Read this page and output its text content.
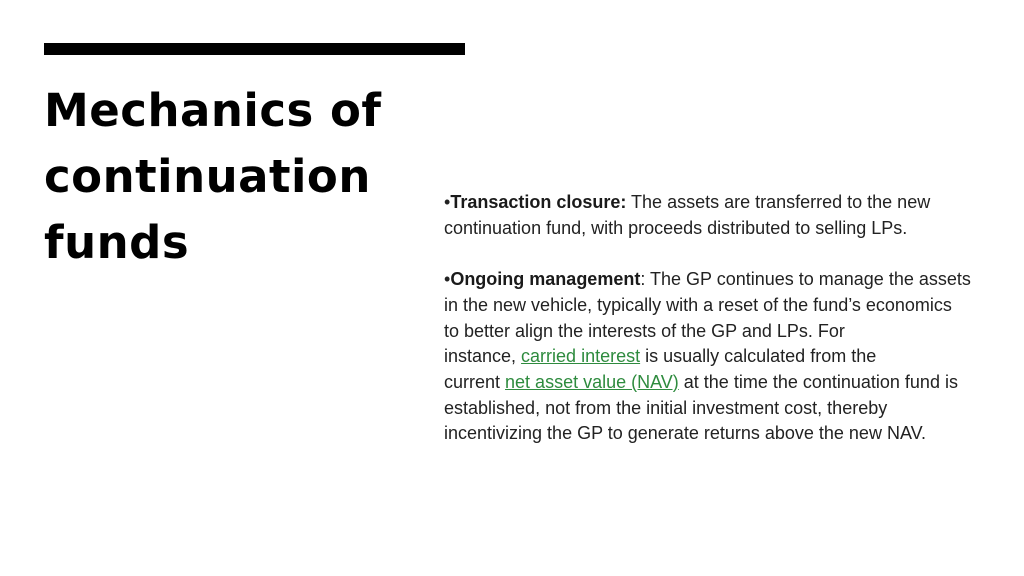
Mechanics of
continuation
funds

•Transaction closure: The assets are transferred to the new
continuation fund, with proceeds distributed to selling LPs.

•Ongoing management: The GP continues to manage the assets
in the new vehicle, typically with a reset of the fund’s economics
to better align the interests of the GP and LPs. For
instance, carried interest is usually calculated from the
current net asset value (NAV) at the time the continuation fund is
established, not from the initial investment cost, thereby
incentivizing the GP to generate returns above the new NAV.
